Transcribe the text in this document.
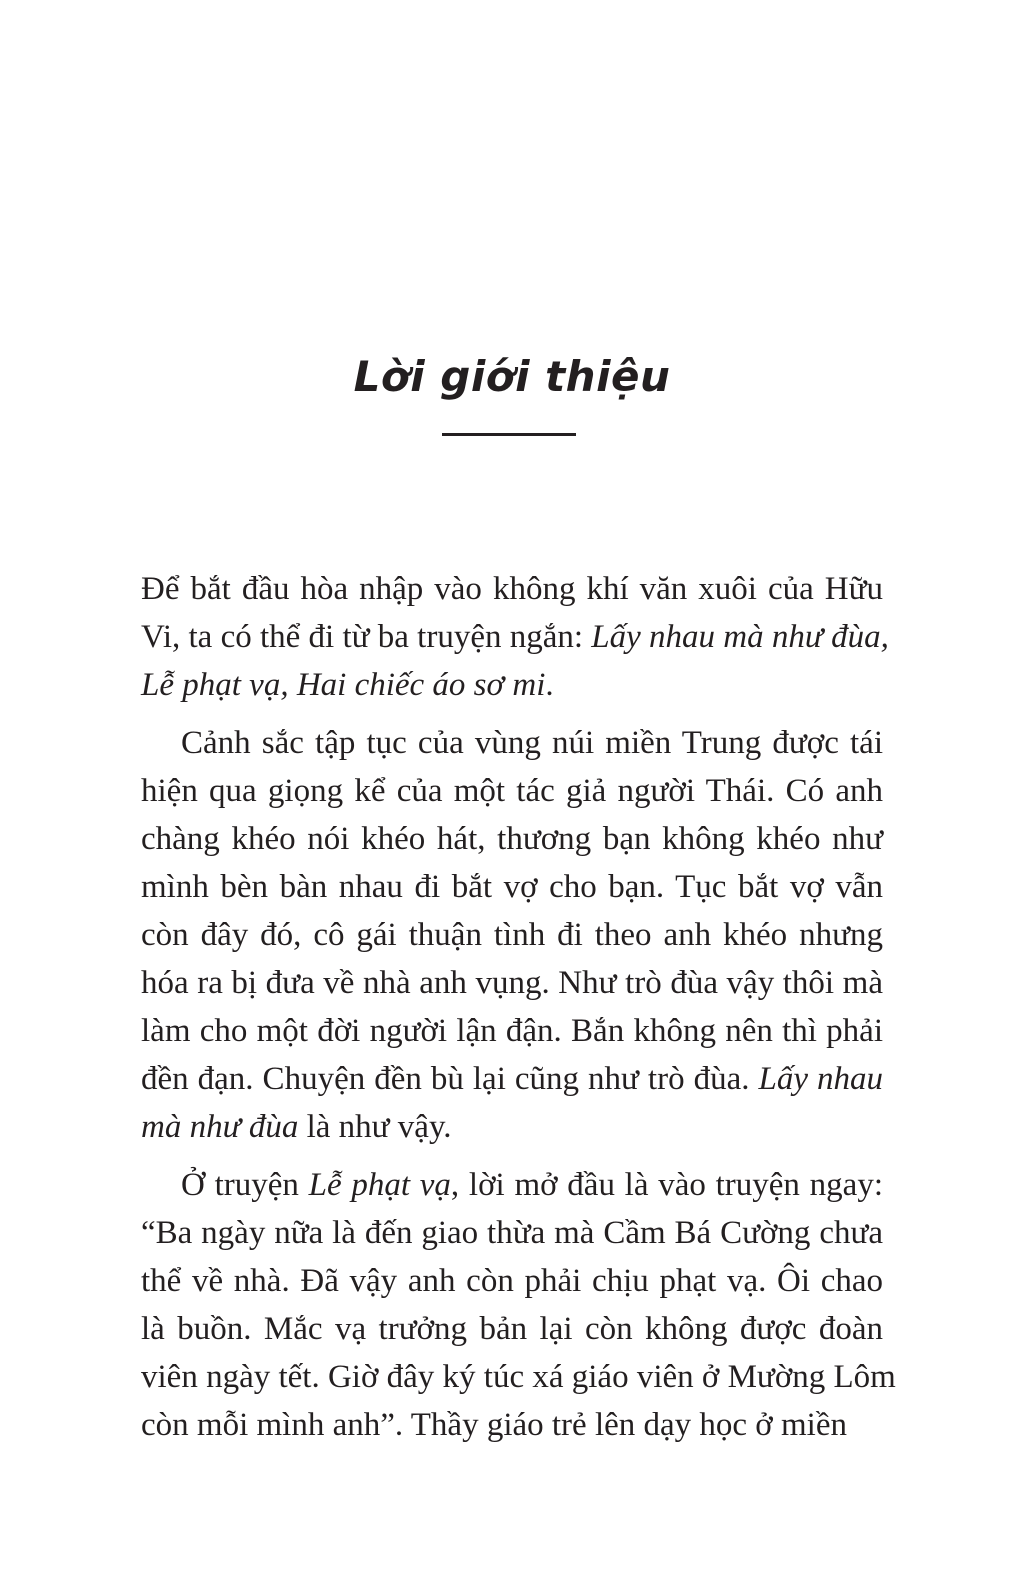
Lời giới thiệu

Để bắt đầu hòa nhập vào không khí văn xuôi của Hữu
Vi, ta có thể đi từ ba truyện ngắn: Lấy nhau mà như đùa,
Lễ phạt vạ, Hai chiếc áo sơ mi.

Cảnh sắc tập tục của vùng núi miền Trung được tái
hiện qua giọng kể của một tác giả người Thái. Có anh
chàng khéo nói khéo hát, thương bạn không khéo như
mình bèn bàn nhau đi bắt vợ cho bạn. Tục bắt vợ vẫn
còn đây đó, cô gái thuận tình đi theo anh khéo nhưng
hóa ra bị đưa về nhà anh vụng. Như trò đùa vậy thôi mà
làm cho một đời người lận đận. Bắn không nên thì phải
đền đạn. Chuyện đền bù lại cũng như trò đùa. Lấy nhau
mà như đùa là như vậy.

Ở truyện Lễ phạt vạ, lời mở đầu là vào truyện ngay:
“Ba ngày nữa là đến giao thừa mà Cầm Bá Cường chưa
thể về nhà. Đã vậy anh còn phải chịu phạt vạ. Ôi chao
là buồn. Mắc vạ trưởng bản lại còn không được đoàn
viên ngày tết. Giờ đây ký túc xá giáo viên ở Mường Lôm
còn mỗi mình anh”. Thầy giáo trẻ lên dạy học ở miền
